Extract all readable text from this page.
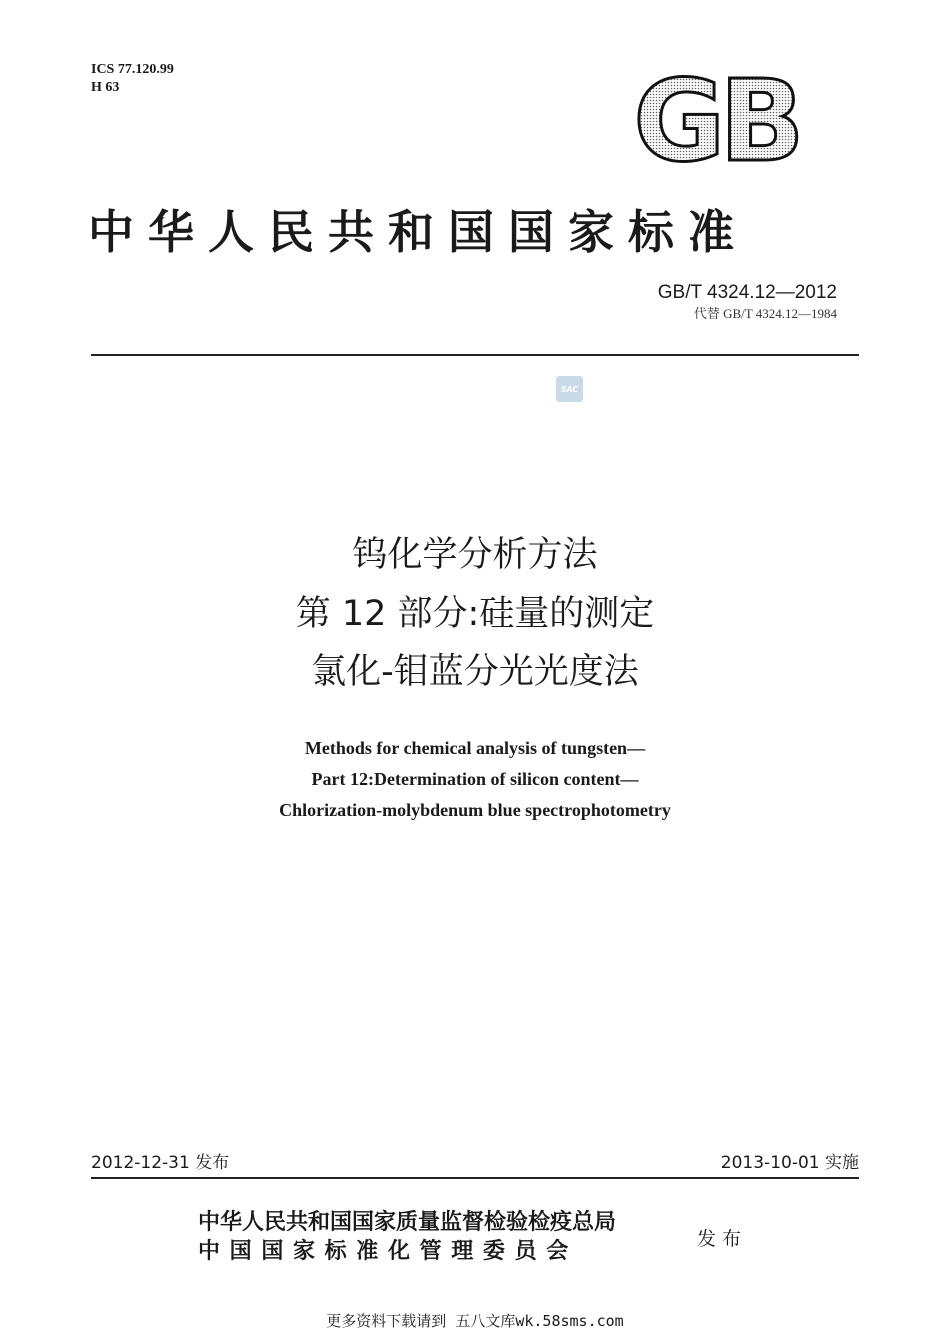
ICS 77.120.99
H 63	GB
中华人民共和国国家标准
GB/T 4324.12—2012
代替 GB/T 4324.12—1984
SAC
钨化学分析方法
第 12 部分:硅量的测定
氯化-钼蓝分光光度法
Methods for chemical analysis of tungsten—
Part 12:Determination of silicon content—
Chlorization-molybdenum blue spectrophotometry
2012-12-31 发布	2013-10-01 实施
中华人民共和国国家质量监督检验检疫总局
中 国 国 家 标 准 化 管 理 委 员 会	发布
更多资料下载请到 五八文库wk.58sms.com
